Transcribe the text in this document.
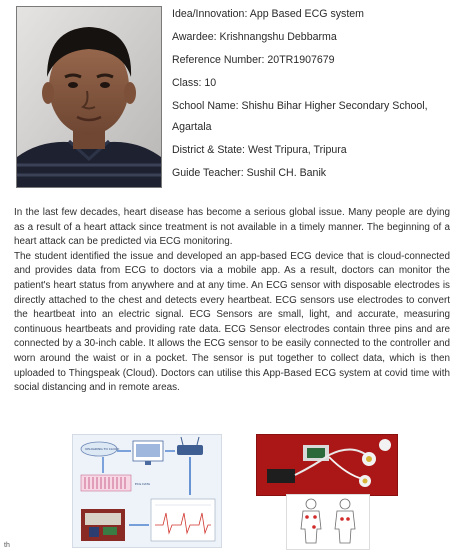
Idea/Innovation: App Based ECG system
Awardee: Krishnangshu Debbarma
Reference Number: 20TR1907679
Class: 10
School Name: Shishu Bihar Higher Secondary School,
Agartala
District & State: West Tripura, Tripura
Guide Teacher: Sushil CH. Banik

In the last few decades, heart disease has become a serious global issue. Many people are dying as a result of a heart attack since treatment is not available in a timely manner. The beginning of a heart attack can be predicted via ECG monitoring.

The student identified the issue and developed an app-based ECG device that is cloud-connected and provides data from ECG to doctors via a mobile app. As a result, doctors can monitor the patient's heart status from anywhere and at any time. An ECG sensor with disposable electrodes is directly attached to the chest and detects every heartbeat. ECG sensors use electrodes to convert the heartbeat into an electric signal. ECG Sensors are small, light, and accurate, measuring continuous heartbeats and providing rate data. ECG Sensor electrodes contain three pins and are connected by a 30-inch cable. It allows the ECG sensor to be easily connected to the controller and worn around the waist or in a pocket. The sensor is put together to collect data, which is then uploaded to Thingspeak (Cloud). Doctors can utilise this App-Based ECG system at covid time with social distancing and in remote areas.

UPLOADING TO CLOUD
ECG DATA
th
